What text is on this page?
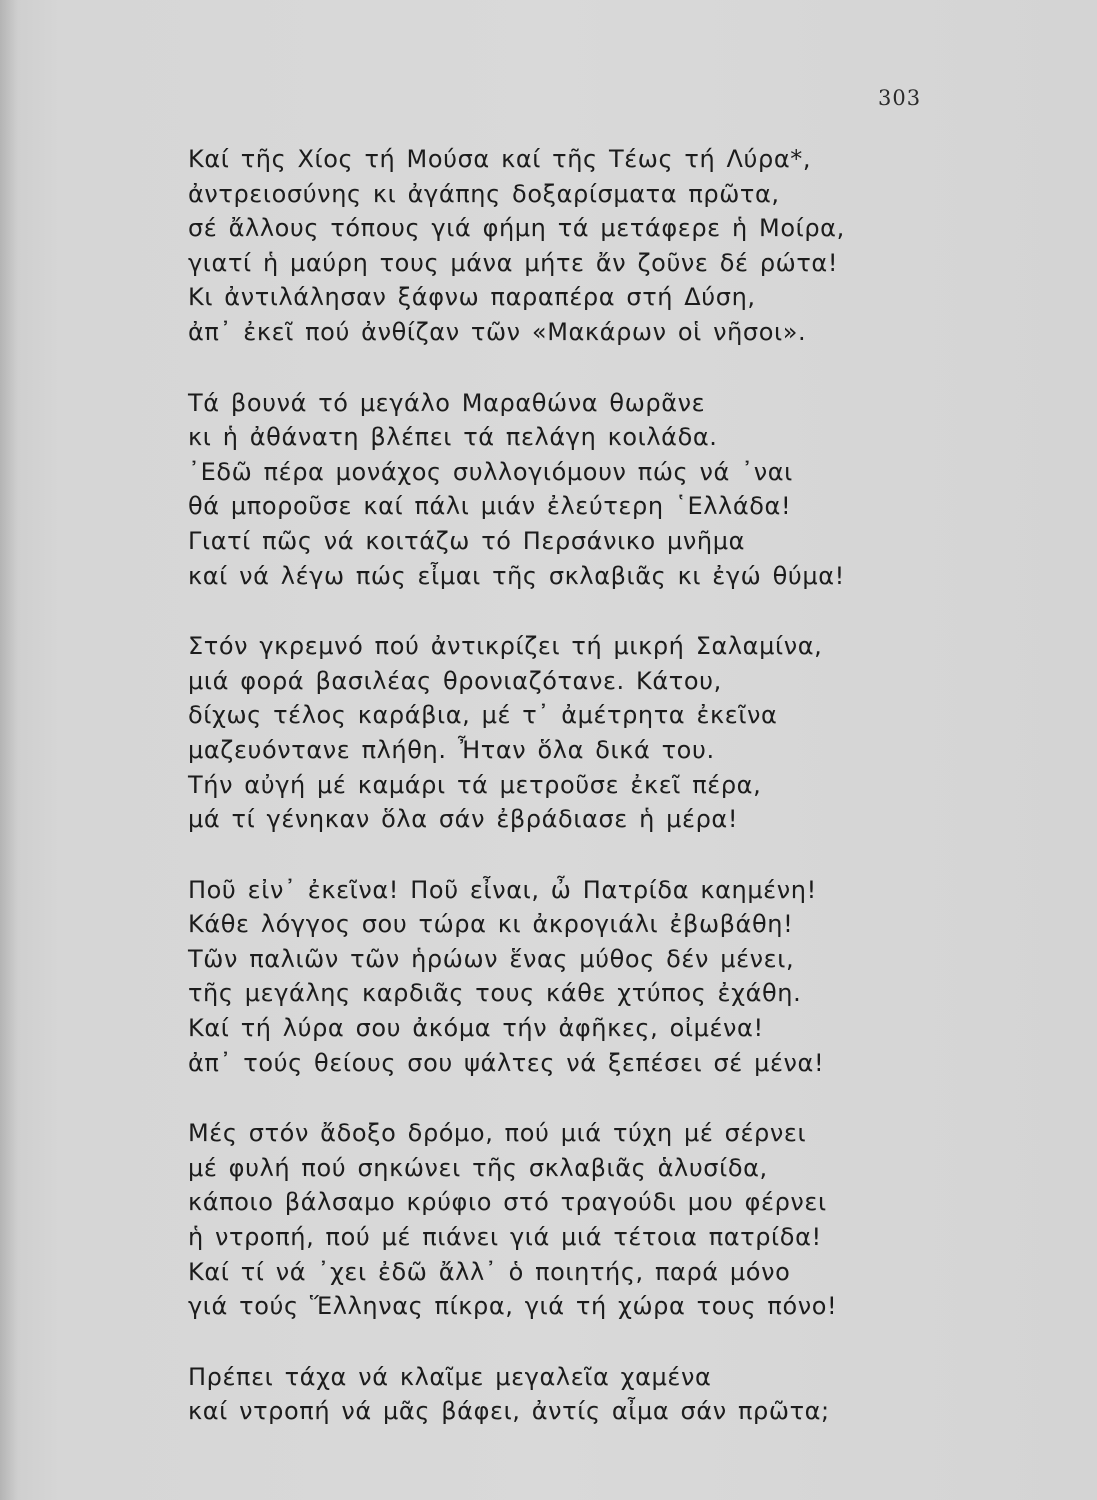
303
Καί τῆς Χίος τή Μούσα καί τῆς Τέως τή Λύρα*,
ἀντρειοσύνης κι ἀγάπης δοξαρίσματα πρῶτα,
σέ ἄλλους τόπους γιά φήμη τά μετάφερε ἡ Μοίρα,
γιατί ἡ μαύρη τους μάνα μήτε ἄν ζοῦνε δέ ρώτα!
Κι ἀντιλάλησαν ξάφνω παραπέρα στή Δύση,
ἀπ᾽ ἐκεῖ πού ἀνθίζαν τῶν «Μακάρων οἱ νῆσοι».
Τά βουνά τό μεγάλο Μαραθώνα θωρᾶνε
κι ἡ ἀθάνατη βλέπει τά πελάγη κοιλάδα.
᾽Εδῶ πέρα μονάχος συλλογιόμουν πώς νά ᾽ναι
θά μποροῦσε καί πάλι μιάν ἐλεύτερη ῾Ελλάδα!
Γιατί πῶς νά κοιτάζω τό Περσάνικο μνῆμα
καί νά λέγω πώς εἶμαι τῆς σκλαβιᾶς κι ἐγώ θύμα!
Στόν γκρεμνό πού ἀντικρίζει τή μικρή Σαλαμίνα,
μιά φορά βασιλέας θρονιαζότανε. Κάτου,
δίχως τέλος καράβια, μέ τ᾽ ἀμέτρητα ἐκεῖνα
μαζευόντανε πλήθη. Ἦταν ὅλα δικά του.
Τήν αὐγή μέ καμάρι τά μετροῦσε ἐκεῖ πέρα,
μά τί γένηκαν ὅλα σάν ἐβράδιασε ἡ μέρα!
Ποῦ εἰν᾽ ἐκεῖνα! Ποῦ εἶναι, ὦ Πατρίδα καημένη!
Κάθε λόγγος σου τώρα κι ἀκρογιάλι ἐβωβάθη!
Τῶν παλιῶν τῶν ἡρώων ἕνας μύθος δέν μένει,
τῆς μεγάλης καρδιᾶς τους κάθε χτύπος ἐχάθη.
Καί τή λύρα σου ἀκόμα τήν ἀφῆκες, οἰμένα!
ἀπ᾽ τούς θείους σου ψάλτες νά ξεπέσει σέ μένα!
Μές στόν ἄδοξο δρόμο, πού μιά τύχη μέ σέρνει
μέ φυλή πού σηκώνει τῆς σκλαβιᾶς ἁλυσίδα,
κάποιο βάλσαμο κρύφιο στό τραγούδι μου φέρνει
ἡ ντροπή, πού μέ πιάνει γιά μιά τέτοια πατρίδα!
Καί τί νά ᾽χει ἐδῶ ἄλλ᾽ ὁ ποιητής, παρά μόνο
γιά τούς Ἕλληνας πίκρα, γιά τή χώρα τους πόνο!
Πρέπει τάχα νά κλαῖμε μεγαλεῖα χαμένα
καί ντροπή νά μᾶς βάφει, ἀντίς αἶμα σάν πρῶτα;
